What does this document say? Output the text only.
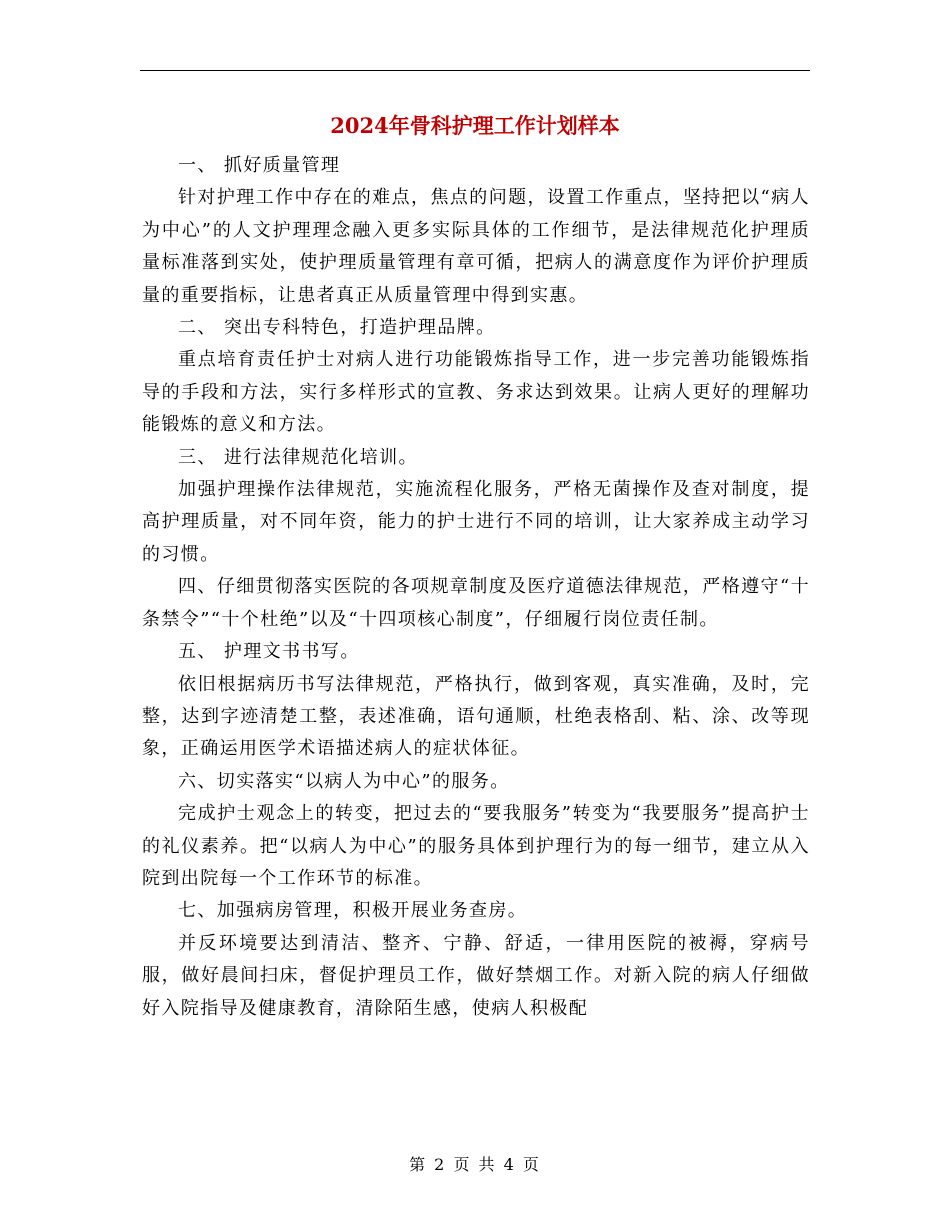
2024年骨科护理工作计划样本

一、 抓好质量管理

针对护理工作中存在的难点，焦点的问题，设置工作重点，坚持把以“病人为中心”的人文护理理念融入更多实际具体的工作细节，是法律规范化护理质量标准落到实处，使护理质量管理有章可循，把病人的满意度作为评价护理质量的重要指标，让患者真正从质量管理中得到实惠。

二、 突出专科特色，打造护理品牌。

重点培育责任护士对病人进行功能锻炼指导工作，进一步完善功能锻炼指导的手段和方法，实行多样形式的宣教、务求达到效果。让病人更好的理解功能锻炼的意义和方法。

三、 进行法律规范化培训。

加强护理操作法律规范，实施流程化服务，严格无菌操作及查对制度，提高护理质量，对不同年资，能力的护士进行不同的培训，让大家养成主动学习的习惯。

四、仔细贯彻落实医院的各项规章制度及医疗道德法律规范，严格遵守“十条禁令”“十个杜绝”以及“十四项核心制度”，仔细履行岗位责任制。

五、 护理文书书写。

依旧根据病历书写法律规范，严格执行，做到客观，真实准确，及时，完整，达到字迹清楚工整，表述准确，语句通顺，杜绝表格刮、粘、涂、改等现象，正确运用医学术语描述病人的症状体征。

六、切实落实“以病人为中心”的服务。

完成护士观念上的转变，把过去的“要我服务”转变为“我要服务”提高护士的礼仪素养。把“以病人为中心”的服务具体到护理行为的每一细节，建立从入院到出院每一个工作环节的标准。

七、加强病房管理，积极开展业务查房。

并反环境要达到清洁、整齐、宁静、舒适，一律用医院的被褥，穿病号服，做好晨间扫床，督促护理员工作，做好禁烟工作。对新入院的病人仔细做好入院指导及健康教育，清除陌生感，使病人积极配

第 2 页 共 4 页
